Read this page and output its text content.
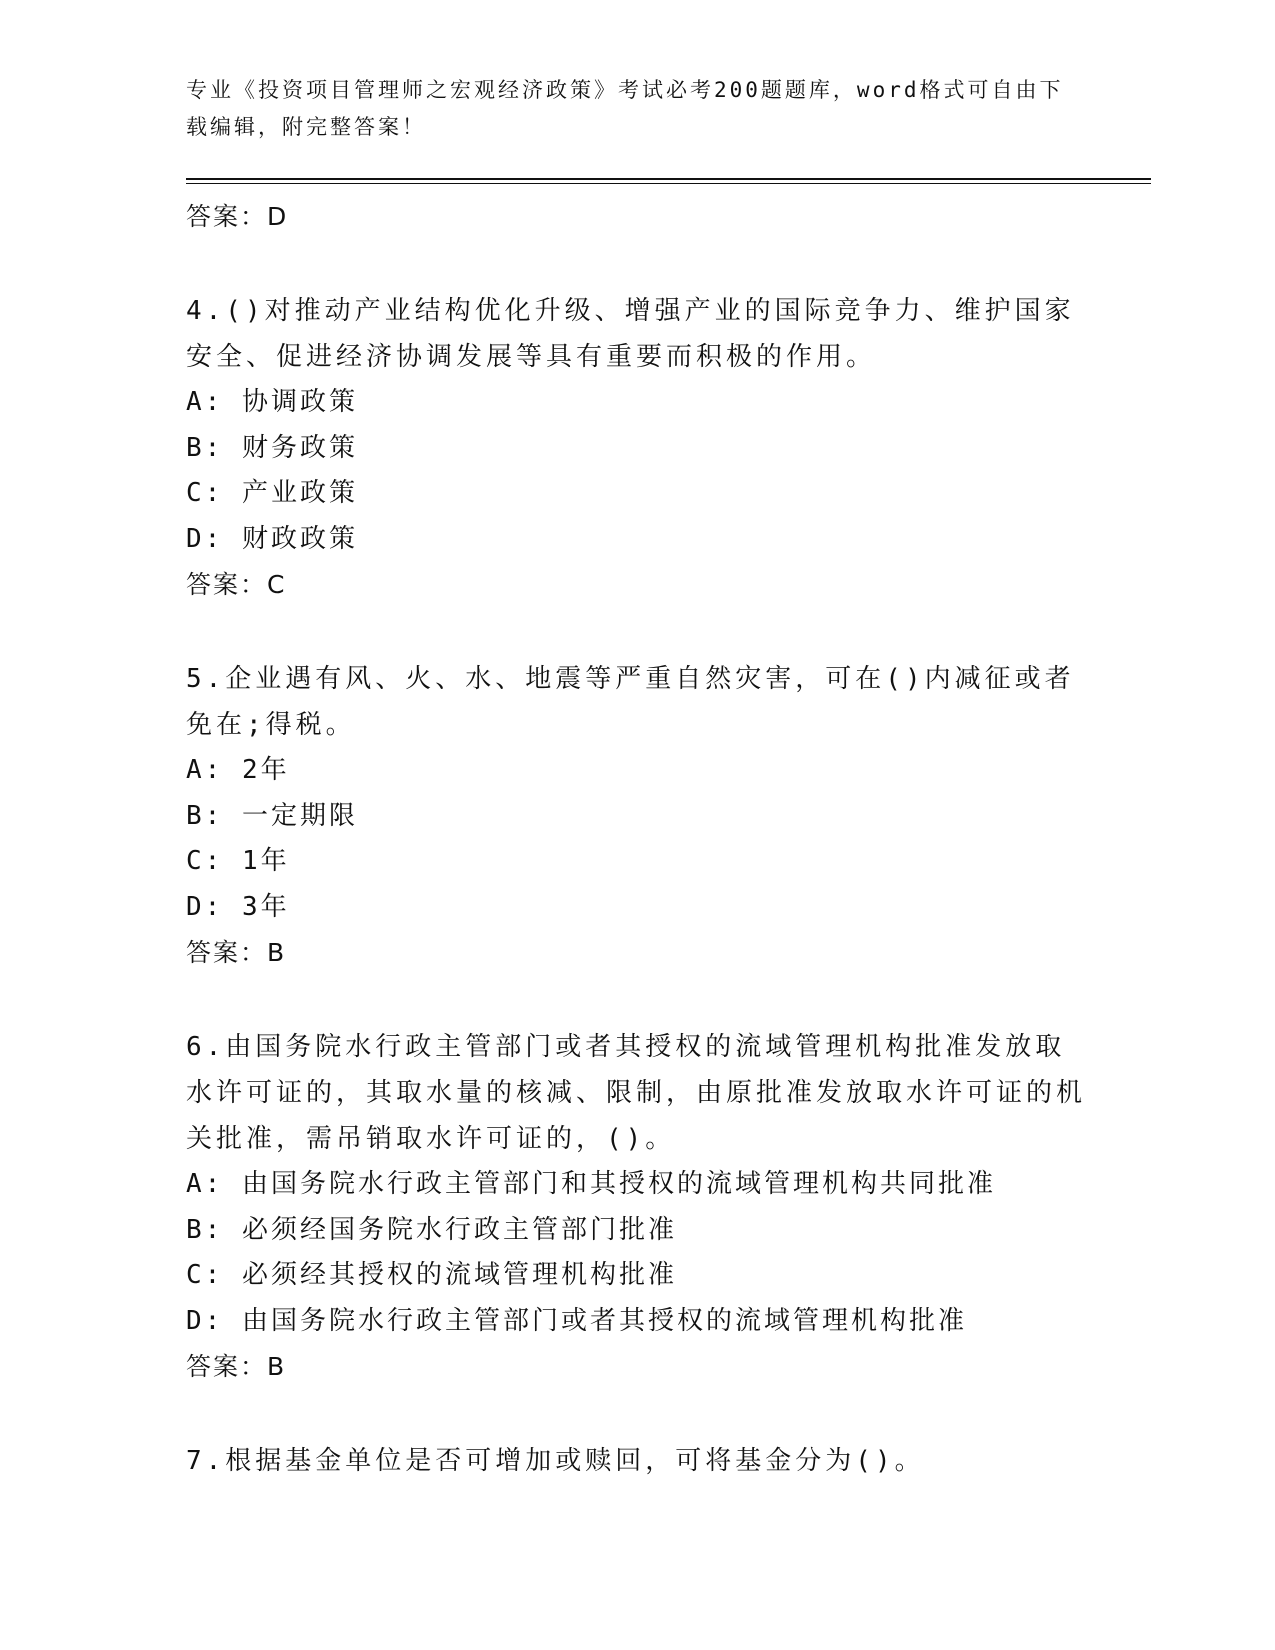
专业《投资项目管理师之宏观经济政策》考试必考200题题库，word格式可自由下载编辑，附完整答案！
答案：D
4.()对推动产业结构优化升级、增强产业的国际竞争力、维护国家安全、促进经济协调发展等具有重要而积极的作用。
A: 协调政策
B: 财务政策
C: 产业政策
D: 财政政策
答案：C
5.企业遇有风、火、水、地震等严重自然灾害，可在()内减征或者免在;得税。
A: 2年
B: 一定期限
C: 1年
D: 3年
答案：B
6.由国务院水行政主管部门或者其授权的流域管理机构批准发放取水许可证的，其取水量的核减、限制，由原批准发放取水许可证的机关批准，需吊销取水许可证的，()。
A: 由国务院水行政主管部门和其授权的流域管理机构共同批准
B: 必须经国务院水行政主管部门批准
C: 必须经其授权的流域管理机构批准
D: 由国务院水行政主管部门或者其授权的流域管理机构批准
答案：B
7.根据基金单位是否可增加或赎回，可将基金分为()。
